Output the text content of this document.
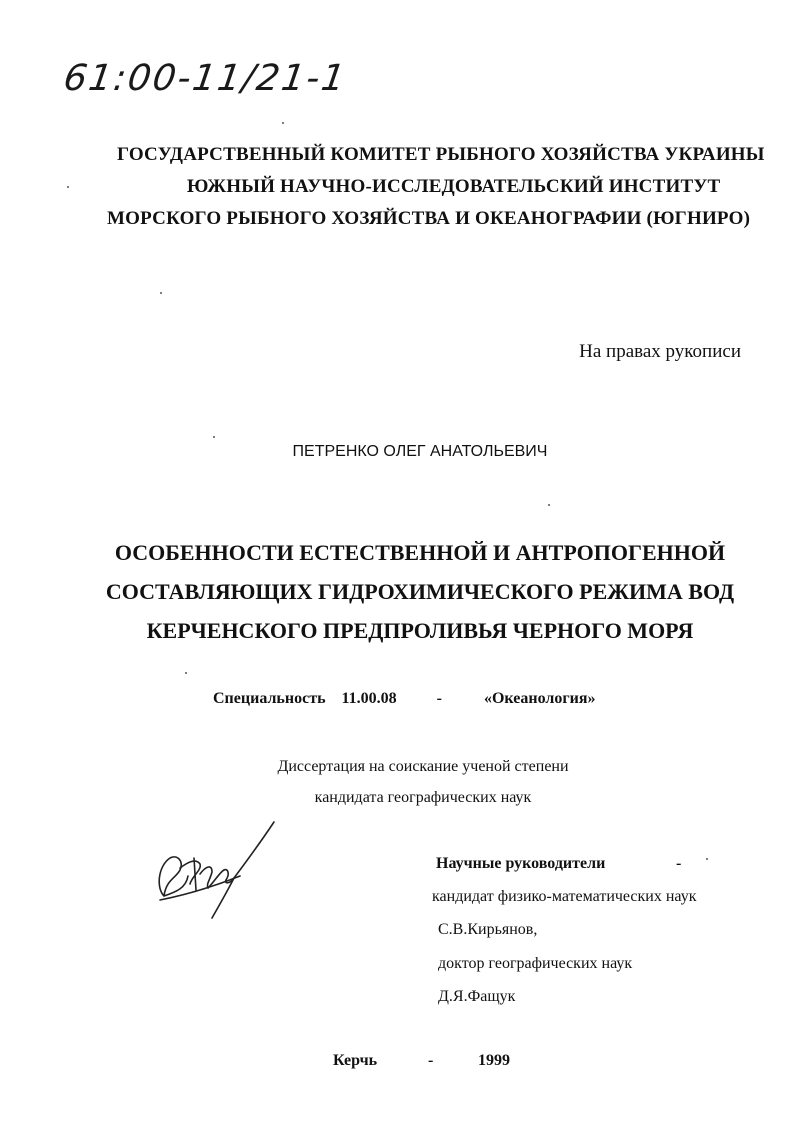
61:00-11/21-1
ГОСУДАРСТВЕННЫЙ КОМИТЕТ РЫБНОГО ХОЗЯЙСТВА УКРАИНЫ
ЮЖНЫЙ НАУЧНО-ИССЛЕДОВАТЕЛЬСКИЙ ИНСТИТУТ
МОРСКОГО РЫБНОГО ХОЗЯЙСТВА И ОКЕАНОГРАФИИ (ЮГНИРО)
На правах рукописи
ПЕТРЕНКО ОЛЕГ АНАТОЛЬЕВИЧ
ОСОБЕННОСТИ ЕСТЕСТВЕННОЙ И АНТРОПОГЕННОЙ
СОСТАВЛЯЮЩИХ ГИДРОХИМИЧЕСКОГО РЕЖИМА ВОД
КЕРЧЕНСКОГО ПРЕДПРОЛИВЬЯ ЧЕРНОГО МОРЯ
Специальность 11.00.08	-	«Океанология»
Диссертация на соискание ученой степени
кандидата географических наук
Научные руководители	-
кандидат физико-математических наук
С.В.Кирьянов,
доктор географических наук
Д.Я.Фащук
Керчь	-	1999
